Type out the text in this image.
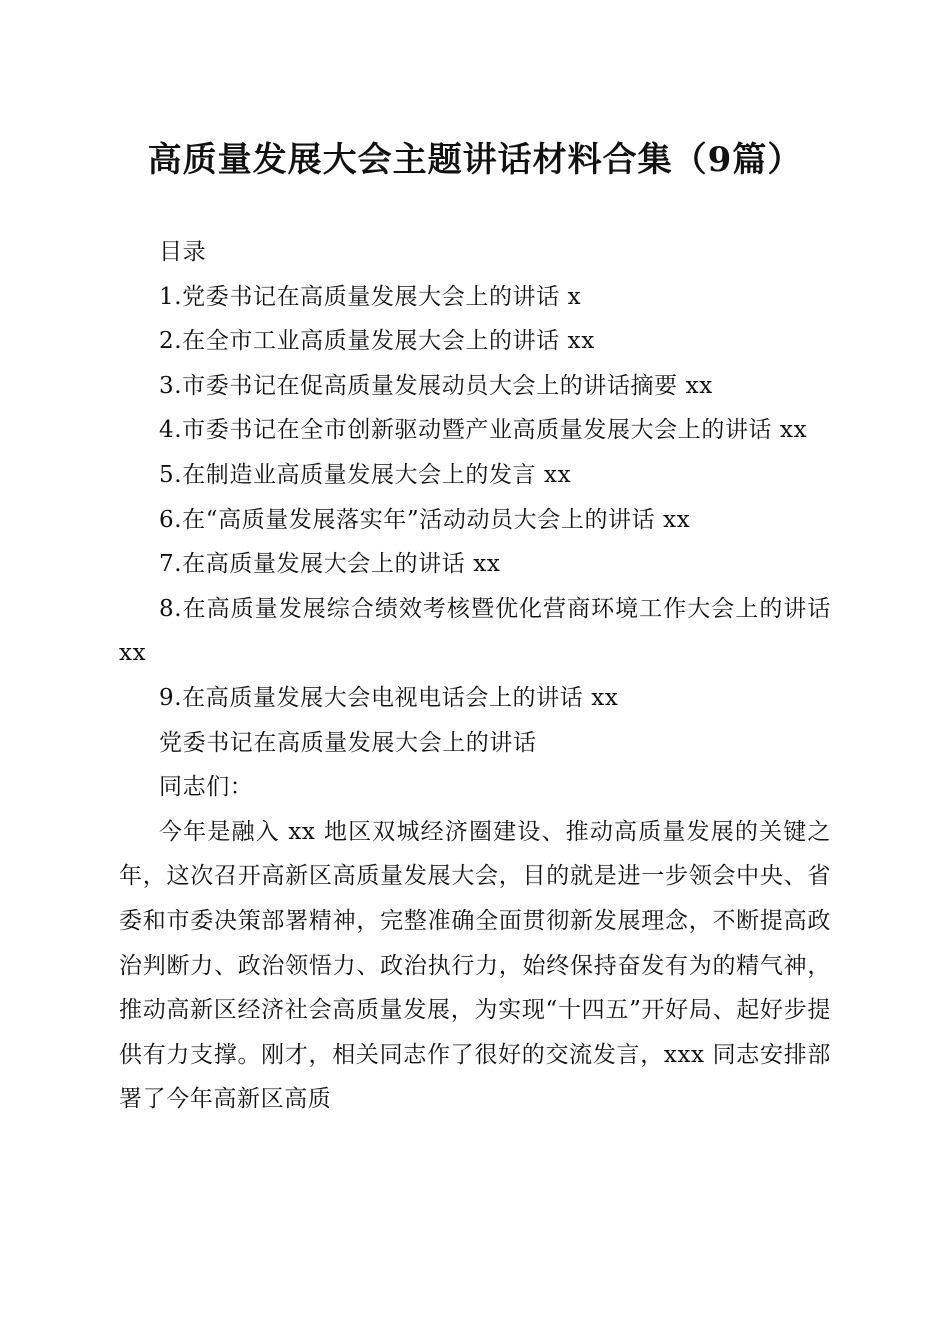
高质量发展大会主题讲话材料合集（9篇）

目录

1.党委书记在高质量发展大会上的讲话 x

2.在全市工业高质量发展大会上的讲话 xx

3.市委书记在促高质量发展动员大会上的讲话摘要 xx

4.市委书记在全市创新驱动暨产业高质量发展大会上的讲话 xx

5.在制造业高质量发展大会上的发言 xx

6.在“高质量发展落实年”活动动员大会上的讲话 xx

7.在高质量发展大会上的讲话 xx

8.在高质量发展综合绩效考核暨优化营商环境工作大会上的讲话 xx

9.在高质量发展大会电视电话会上的讲话 xx

党委书记在高质量发展大会上的讲话

同志们：

今年是融入 xx 地区双城经济圈建设、推动高质量发展的关键之年，这次召开高新区高质量发展大会，目的就是进一步领会中央、省委和市委决策部署精神，完整准确全面贯彻新发展理念，不断提高政治判断力、政治领悟力、政治执行力，始终保持奋发有为的精气神，推动高新区经济社会高质量发展，为实现“十四五”开好局、起好步提供有力支撑。刚才，相关同志作了很好的交流发言，xxx 同志安排部署了今年高新区高质
